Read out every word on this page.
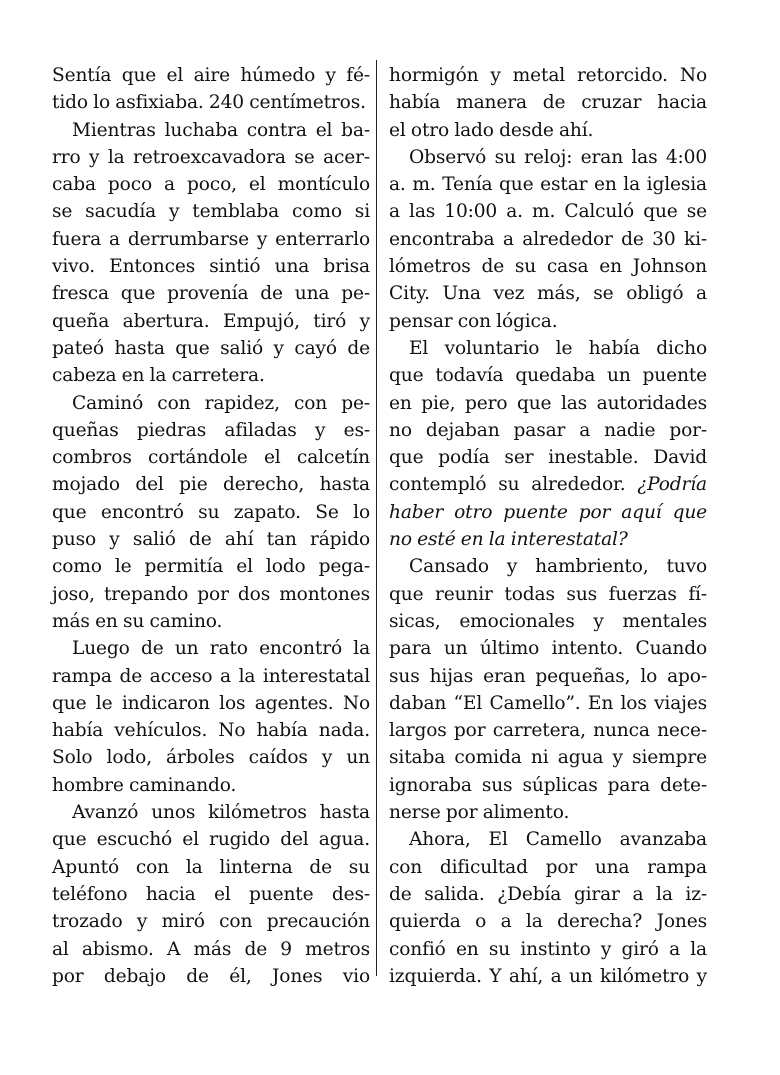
Sentía que el aire húmedo y fé-
tido lo asfixiaba. 240 centímetros.
Mientras luchaba contra el ba-
rro y la retroexcavadora se acer-
caba poco a poco, el montículo
se sacudía y temblaba como si
fuera a derrumbarse y enterrarlo
vivo. Entonces sintió una brisa
fresca que provenía de una pe-
queña abertura. Empujó, tiró y
pateó hasta que salió y cayó de
cabeza en la carretera.
Caminó con rapidez, con pe-
queñas piedras afiladas y es-
combros cortándole el calcetín
mojado del pie derecho, hasta
que encontró su zapato. Se lo
puso y salió de ahí tan rápido
como le permitía el lodo pega-
joso, trepando por dos montones
más en su camino.
Luego de un rato encontró la
rampa de acceso a la interestatal
que le indicaron los agentes. No
había vehículos. No había nada.
Solo lodo, árboles caídos y un
hombre caminando.
Avanzó unos kilómetros hasta
que escuchó el rugido del agua.
Apuntó con la linterna de su
teléfono hacia el puente des-
trozado y miró con precaución
al abismo. A más de 9 metros
por debajo de él, Jones vio
hormigón y metal retorcido. No
había manera de cruzar hacia
el otro lado desde ahí.
Observó su reloj: eran las 4:00
a. m. Tenía que estar en la iglesia
a las 10:00 a. m. Calculó que se
encontraba a alrededor de 30 ki-
lómetros de su casa en Johnson
City. Una vez más, se obligó a
pensar con lógica.
El voluntario le había dicho
que todavía quedaba un puente
en pie, pero que las autoridades
no dejaban pasar a nadie por-
que podía ser inestable. David
contempló su alrededor. ¿Podría
haber otro puente por aquí que
no esté en la interestatal?
Cansado y hambriento, tuvo
que reunir todas sus fuerzas fí-
sicas, emocionales y mentales
para un último intento. Cuando
sus hijas eran pequeñas, lo apo-
daban “El Camello”. En los viajes
largos por carretera, nunca nece-
sitaba comida ni agua y siempre
ignoraba sus súplicas para dete-
nerse por alimento.
Ahora, El Camello avanzaba
con dificultad por una rampa
de salida. ¿Debía girar a la iz-
quierda o a la derecha? Jones
confió en su instinto y giró a la
izquierda. Y ahí, a un kilómetro y
